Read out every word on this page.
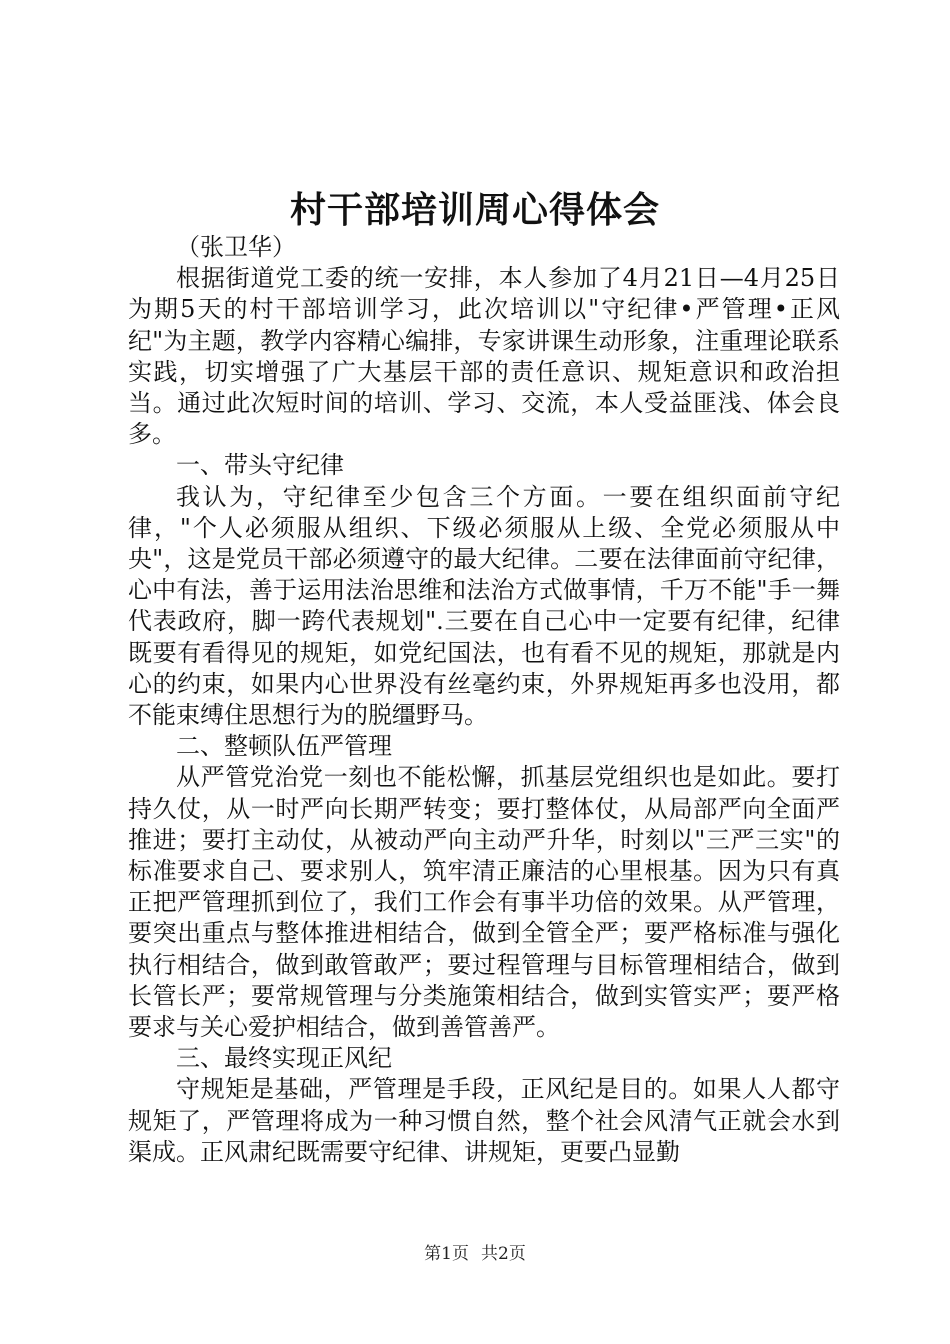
村干部培训周心得体会

（张卫华）

根据街道党工委的统一安排，本人参加了4月21日—4月25日为期5天的村干部培训学习，此次培训以"守纪律•严管理•正风纪"为主题，教学内容精心编排，专家讲课生动形象，注重理论联系实践，切实增强了广大基层干部的责任意识、规矩意识和政治担当。通过此次短时间的培训、学习、交流，本人受益匪浅、体会良多。

一、带头守纪律

我认为，守纪律至少包含三个方面。一要在组织面前守纪律，"个人必须服从组织、下级必须服从上级、全党必须服从中央"，这是党员干部必须遵守的最大纪律。二要在法律面前守纪律，心中有法，善于运用法治思维和法治方式做事情，千万不能"手一舞代表政府，脚一跨代表规划".三要在自己心中一定要有纪律，纪律既要有看得见的规矩，如党纪国法，也有看不见的规矩，那就是内心的约束，如果内心世界没有丝毫约束，外界规矩再多也没用，都不能束缚住思想行为的脱缰野马。

二、整顿队伍严管理

从严管党治党一刻也不能松懈，抓基层党组织也是如此。要打持久仗，从一时严向长期严转变；要打整体仗，从局部严向全面严推进；要打主动仗，从被动严向主动严升华，时刻以"三严三实"的标准要求自己、要求别人，筑牢清正廉洁的心里根基。因为只有真正把严管理抓到位了，我们工作会有事半功倍的效果。从严管理，要突出重点与整体推进相结合，做到全管全严；要严格标准与强化执行相结合，做到敢管敢严；要过程管理与目标管理相结合，做到长管长严；要常规管理与分类施策相结合，做到实管实严；要严格要求与关心爱护相结合，做到善管善严。

三、最终实现正风纪

守规矩是基础，严管理是手段，正风纪是目的。如果人人都守规矩了，严管理将成为一种习惯自然，整个社会风清气正就会水到渠成。正风肃纪既需要守纪律、讲规矩，更要凸显勤

第1页 共2页
